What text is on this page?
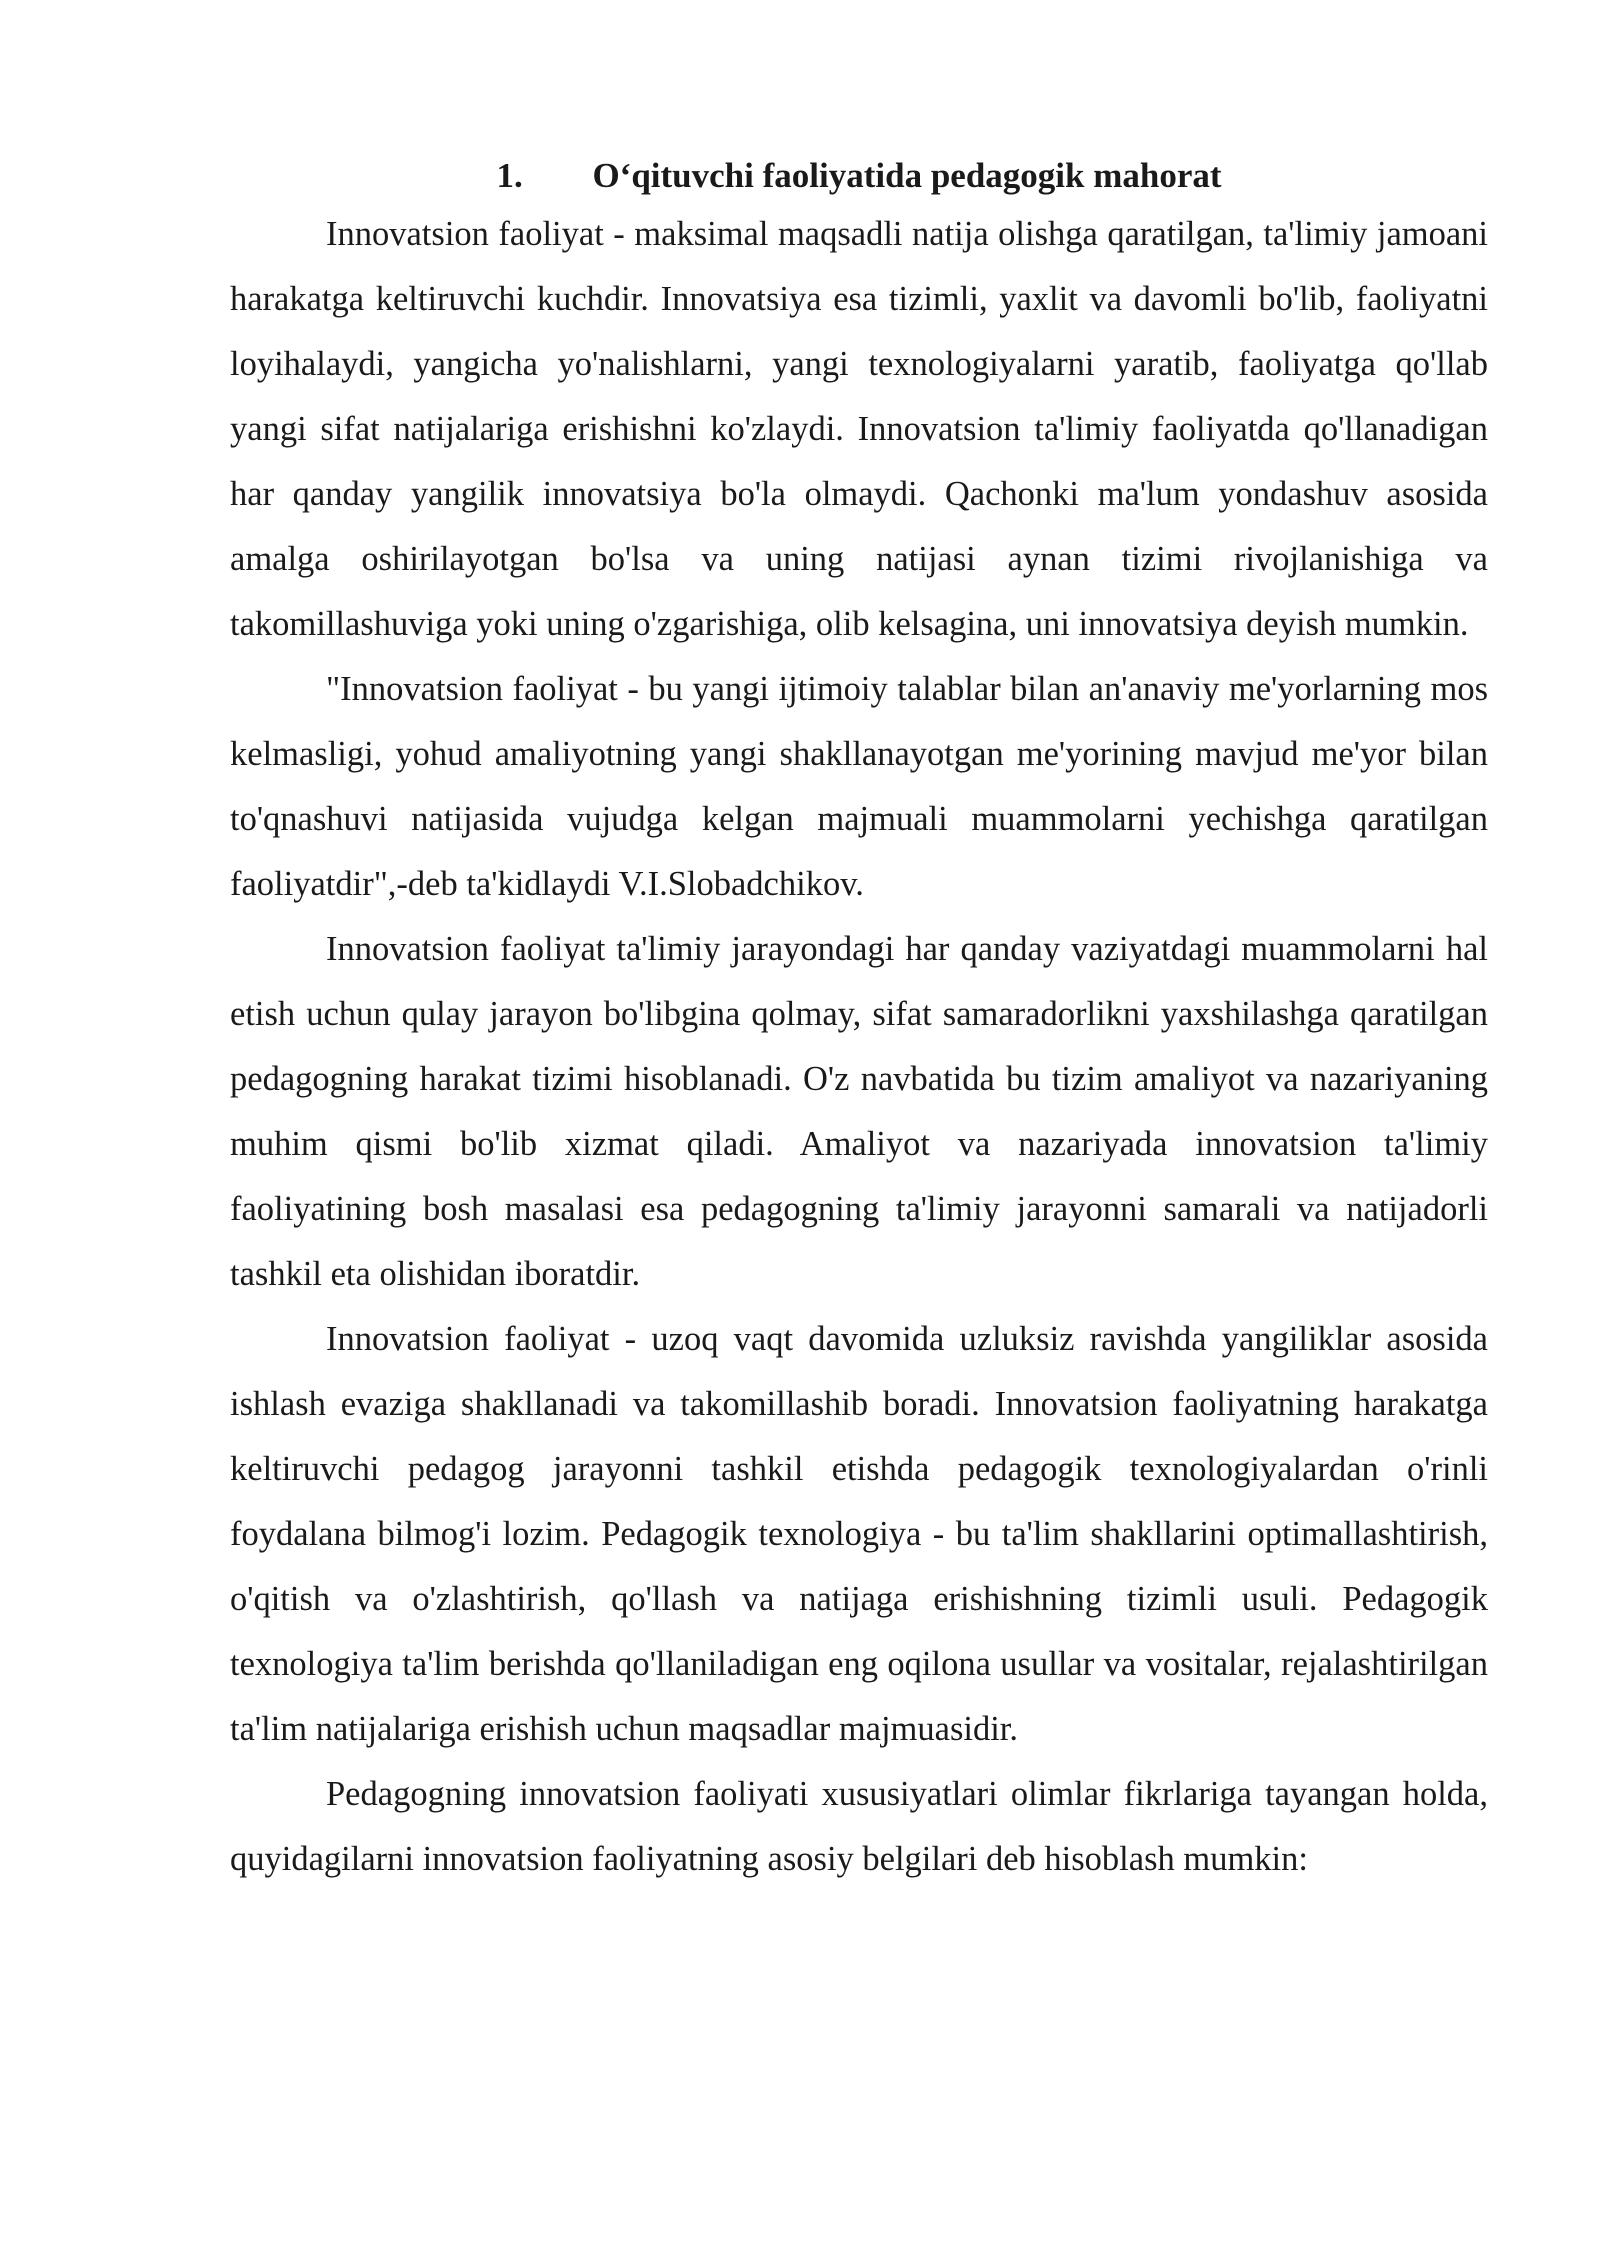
1.	O‘qituvchi faoliyatida pedagogik mahorat

Innovatsion faoliyat - maksimal maqsadli natija olishga qaratilgan, ta'limiy jamoani harakatga keltiruvchi kuchdir. Innovatsiya esa tizimli, yaxlit va davomli bo'lib, faoliyatni loyihalaydi, yangicha yo'nalishlarni, yangi texnologiyalarni yaratib, faoliyatga qo'llab yangi sifat natijalariga erishishni ko'zlaydi. Innovatsion ta'limiy faoliyatda qo'llanadigan har qanday yangilik innovatsiya bo'la olmaydi. Qachonki ma'lum yondashuv asosida amalga oshirilayotgan bo'lsa va uning natijasi aynan tizimi rivojlanishiga va takomillashuviga yoki uning o'zgarishiga, olib kelsagina, uni innovatsiya deyish mumkin.

"Innovatsion faoliyat - bu yangi ijtimoiy talablar bilan an'anaviy me'yorlarning mos kelmasligi, yohud amaliyotning yangi shakllanayotgan me'yorining mavjud me'yor bilan to'qnashuvi natijasida vujudga kelgan majmuali muammolarni yechishga qaratilgan faoliyatdir",-deb ta'kidlaydi V.I.Slobadchikov.

Innovatsion faoliyat ta'limiy jarayondagi har qanday vaziyatdagi muammolarni hal etish uchun qulay jarayon bo'libgina qolmay, sifat samaradorlikni yaxshilashga qaratilgan pedagogning harakat tizimi hisoblanadi. O'z navbatida bu tizim amaliyot va nazariyaning muhim qismi bo'lib xizmat qiladi. Amaliyot va nazariyada innovatsion ta'limiy faoliyatining bosh masalasi esa pedagogning ta'limiy jarayonni samarali va natijadorli tashkil eta olishidan iboratdir.

Innovatsion faoliyat - uzoq vaqt davomida uzluksiz ravishda yangiliklar asosida ishlash evaziga shakllanadi va takomillashib boradi. Innovatsion faoliyatning harakatga keltiruvchi pedagog jarayonni tashkil etishda pedagogik texnologiyalardan o'rinli foydalana bilmog'i lozim. Pedagogik texnologiya - bu ta'lim shakllarini optimallashtirish, o'qitish va o'zlashtirish, qo'llash va natijaga erishishning tizimli usuli. Pedagogik texnologiya ta'lim berishda qo'llaniladigan eng oqilona usullar va vositalar, rejalashtirilgan ta'lim natijalariga erishish uchun maqsadlar majmuasidir.

Pedagogning innovatsion faoliyati xususiyatlari olimlar fikrlariga tayangan holda, quyidagilarni innovatsion faoliyatning asosiy belgilari deb hisoblash mumkin:
